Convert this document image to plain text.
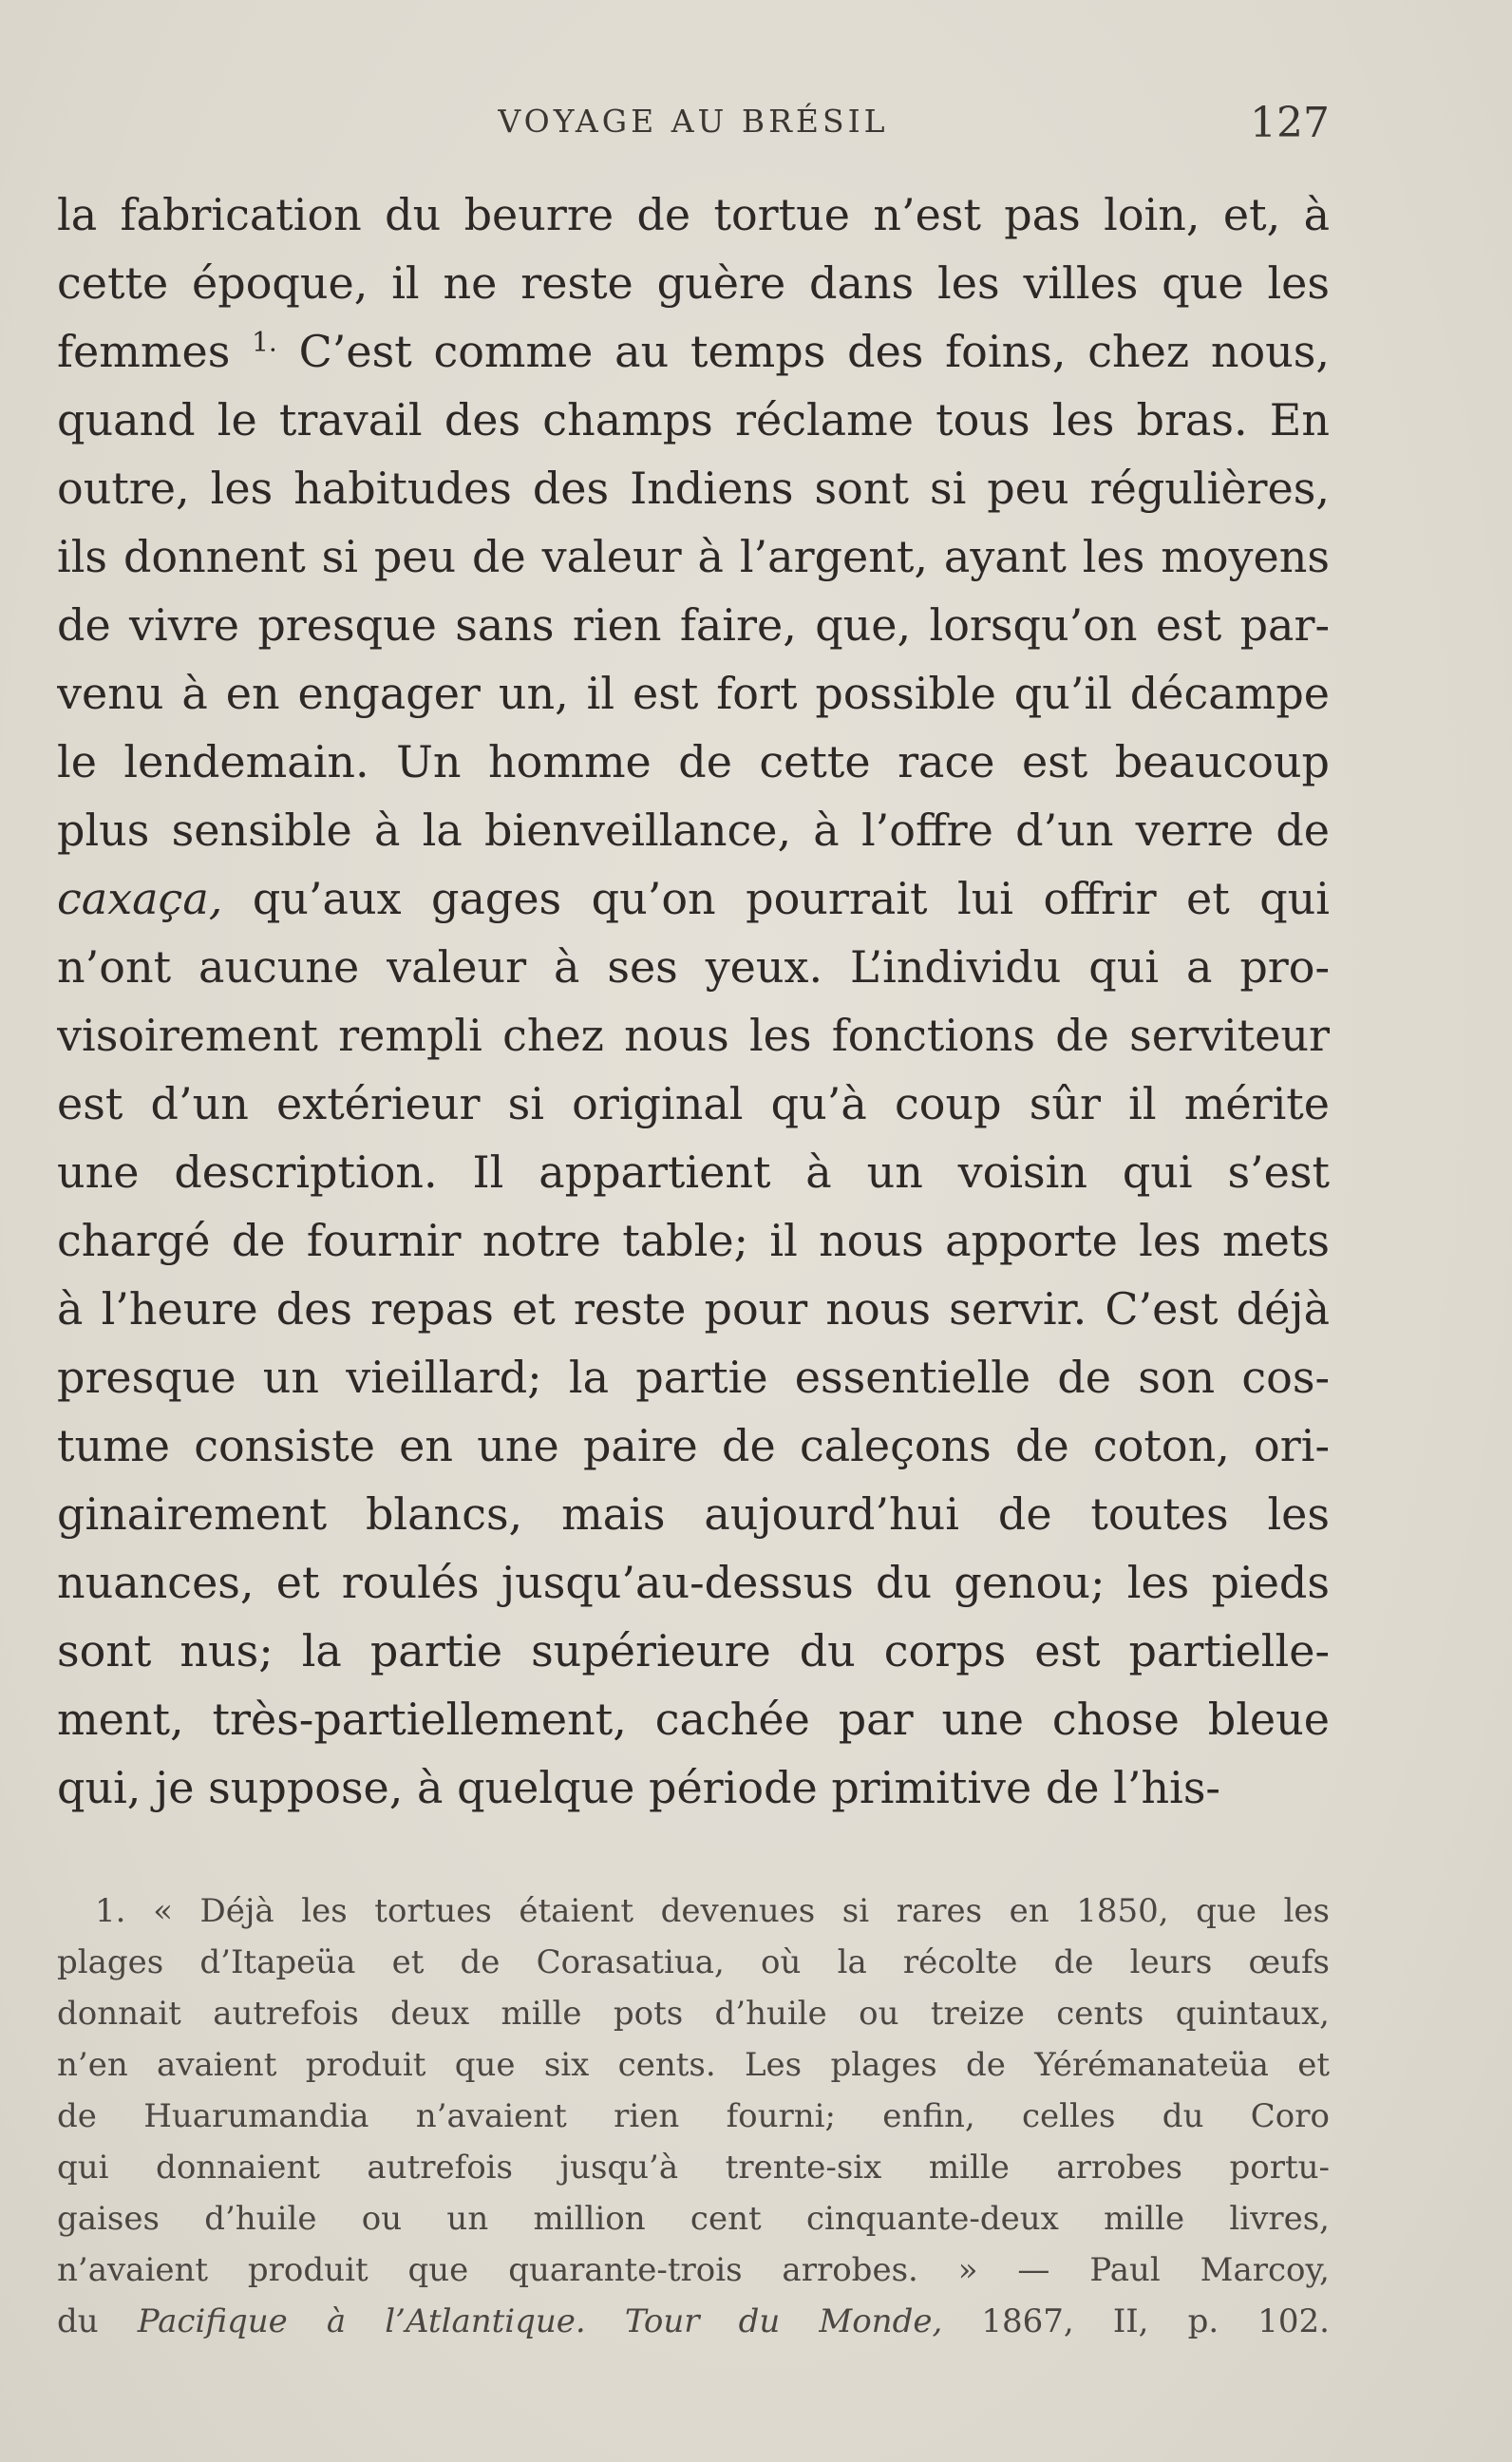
VOYAGE AU BRÉSIL	127
la fabrication du beurre de tortue n’est pas loin, et, à
cette époque, il ne reste guère dans les villes que les
femmes $^{1.}$ C’est comme au temps des foins, chez nous,
quand le travail des champs réclame tous les bras. En
outre, les habitudes des Indiens sont si peu régulières,
ils donnent si peu de valeur à l’argent, ayant les moyens
de vivre presque sans rien faire, que, lorsqu’on est par-
venu à en engager un, il est fort possible qu’il décampe
le lendemain. Un homme de cette race est beaucoup
plus sensible à la bienveillance, à l’offre d’un verre de
caxaça, qu’aux gages qu’on pourrait lui offrir et qui
n’ont aucune valeur à ses yeux. L’individu qui a pro-
visoirement rempli chez nous les fonctions de serviteur
est d’un extérieur si original qu’à coup sûr il mérite
une description. Il appartient à un voisin qui s’est
chargé de fournir notre table; il nous apporte les mets
à l’heure des repas et reste pour nous servir. C’est déjà
presque un vieillard; la partie essentielle de son cos-
tume consiste en une paire de caleçons de coton, ori-
ginairement blancs, mais aujourd’hui de toutes les
nuances, et roulés jusqu’au-dessus du genou; les pieds
sont nus; la partie supérieure du corps est partielle-
ment, très-partiellement, cachée par une chose bleue
qui, je suppose, à quelque période primitive de l’his-
1. « Déjà les tortues étaient devenues si rares en 1850, que les
plages d’Itapeüa et de Corasatiua, où la récolte de leurs œufs
donnait autrefois deux mille pots d’huile ou treize cents quintaux,
n’en avaient produit que six cents. Les plages de Yérémanateüa et
de Huarumandia n’avaient rien fourni; enfin, celles du Coro
qui donnaient autrefois jusqu’à trente-six mille arrobes portu-
gaises d’huile ou un million cent cinquante-deux mille livres,
n’avaient produit que quarante-trois arrobes. » — Paul Marcoy,
du Pacifique à l’Atlantique. Tour du Monde, 1867, II, p. 102.
